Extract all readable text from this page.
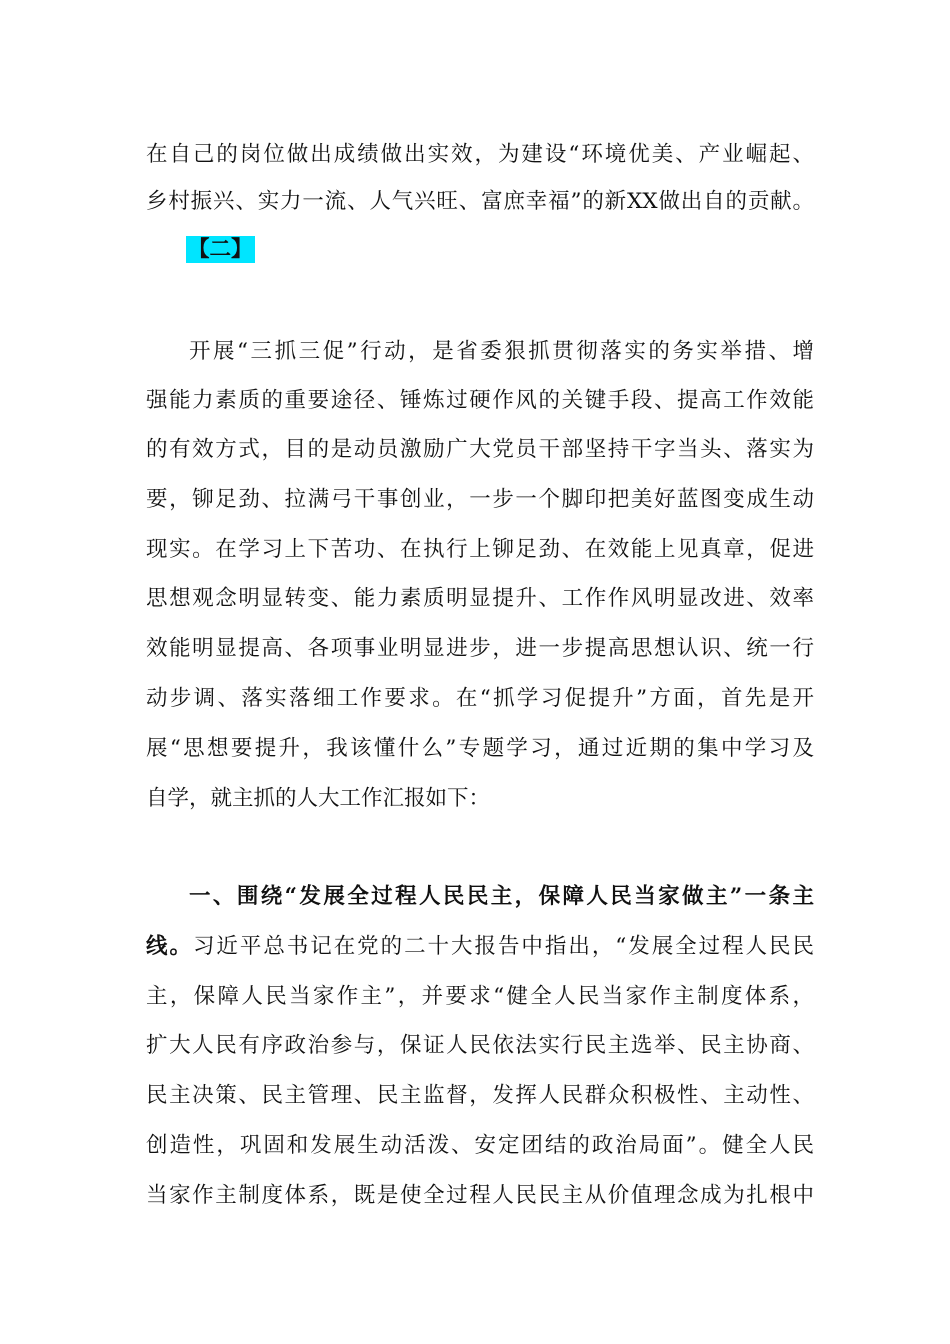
在自己的岗位做出成绩做出实效，为建设“环境优美、产业崛起、
乡村振兴、实力一流、人气兴旺、富庶幸福”的新XX做出自的贡献。
【二】
开展“三抓三促”行动，是省委狠抓贯彻落实的务实举措、增
强能力素质的重要途径、锤炼过硬作风的关键手段、提高工作效能
的有效方式，目的是动员激励广大党员干部坚持干字当头、落实为
要，铆足劲、拉满弓干事创业，一步一个脚印把美好蓝图变成生动
现实。在学习上下苦功、在执行上铆足劲、在效能上见真章，促进
思想观念明显转变、能力素质明显提升、工作作风明显改进、效率
效能明显提高、各项事业明显进步，进一步提高思想认识、统一行
动步调、落实落细工作要求。在“抓学习促提升”方面，首先是开
展“思想要提升，我该懂什么”专题学习，通过近期的集中学习及
自学，就主抓的人大工作汇报如下：
一、围绕“发展全过程人民民主，保障人民当家做主”一条主
线。习近平总书记在党的二十大报告中指出，“发展全过程人民民
主，保障人民当家作主”，并要求“健全人民当家作主制度体系，
扩大人民有序政治参与，保证人民依法实行民主选举、民主协商、
民主决策、民主管理、民主监督，发挥人民群众积极性、主动性、
创造性，巩固和发展生动活泼、安定团结的政治局面”。健全人民
当家作主制度体系，既是使全过程人民民主从价值理念成为扎根中
